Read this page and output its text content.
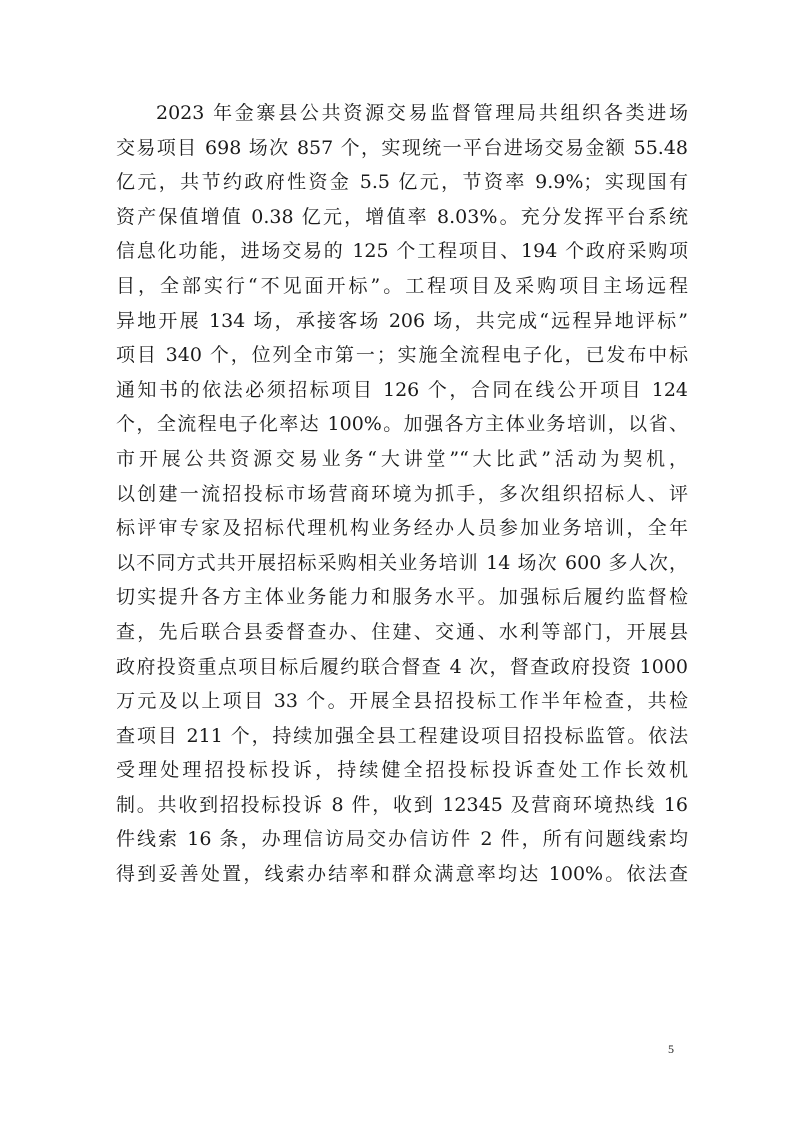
2023 年金寨县公共资源交易监督管理局共组织各类进场
交易项目 698 场次 857 个，实现统一平台进场交易金额 55.48
亿元，共节约政府性资金 5.5 亿元，节资率 9.9%；实现国有
资产保值增值 0.38 亿元，增值率 8.03%。充分发挥平台系统
信息化功能，进场交易的 125 个工程项目、194 个政府采购项
目，全部实行“不见面开标”。工程项目及采购项目主场远程
异地开展 134 场，承接客场 206 场，共完成“远程异地评标”
项目 340 个，位列全市第一；实施全流程电子化，已发布中标
通知书的依法必须招标项目 126 个，合同在线公开项目 124
个，全流程电子化率达 100%。加强各方主体业务培训，以省、
市开展公共资源交易业务“大讲堂”“大比武”活动为契机，
以创建一流招投标市场营商环境为抓手，多次组织招标人、评
标评审专家及招标代理机构业务经办人员参加业务培训，全年
以不同方式共开展招标采购相关业务培训 14 场次 600 多人次，
切实提升各方主体业务能力和服务水平。加强标后履约监督检
查，先后联合县委督查办、住建、交通、水利等部门，开展县
政府投资重点项目标后履约联合督查 4 次，督查政府投资 1000
万元及以上项目 33 个。开展全县招投标工作半年检查，共检
查项目 211 个，持续加强全县工程建设项目招投标监管。依法
受理处理招投标投诉，持续健全招投标投诉查处工作长效机
制。共收到招投标投诉 8 件，收到 12345 及营商环境热线 16
件线索 16 条，办理信访局交办信访件 2 件，所有问题线索均
得到妥善处置，线索办结率和群众满意率均达 100%。依法查
5
